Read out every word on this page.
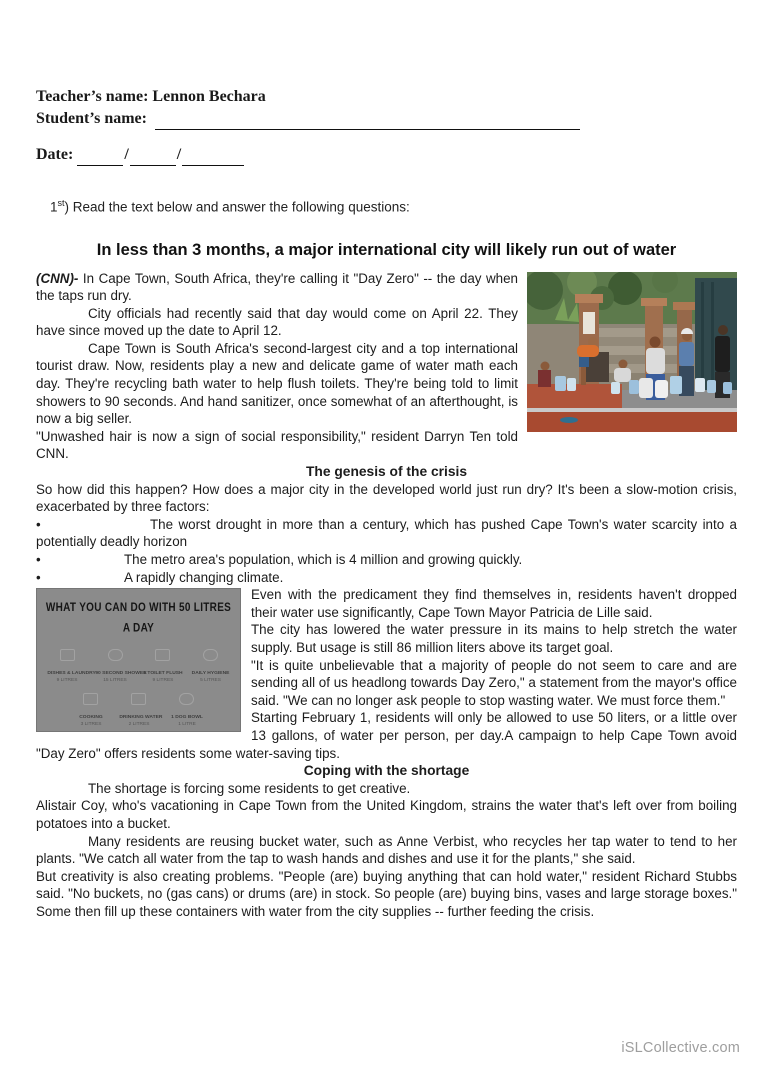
Teacher’s name:
Lennon Bechara
Student’s name:
Date:
	/	/
1st) Read the text below and answer the following questions:
In less than 3 months, a major international city will likely run out of water

(CNN)- In Cape Town, South Africa, they're calling it "Day Zero" -- the day when the taps run dry.

City officials had recently said that day would come on April 22. They have since moved up the date to April 12.

Cape Town is South Africa's second-largest city and a top international tourist draw. Now, residents play a new and delicate game of water math each day. They're recycling bath water to help flush toilets. They're being told to limit showers to 90 seconds. And hand sanitizer, once somewhat of an afterthought, is now a big seller.

"Unwashed hair is now a sign of social responsibility," resident Darryn Ten told CNN.

The genesis of the crisis

So how did this happen? How does a major city in the developed world just run dry? It's been a slow-motion crisis, exacerbated by three factors:

•	The worst drought in more than a century, which has pushed Cape Town's water scarcity into a potentially deadly horizon

•	The metro area's population, which is 4 million and growing quickly.

•	A rapidly changing climate.

WHAT YOU CAN DO WITH 50 LITRES A DAY
DISHES & LAUNDRY
9 LITRES
90 SECOND SHOWER
15 LITRES
1 TOILET FLUSH
9 LITRES
DAILY HYGIENE
5 LITRES
COOKING
3 LITRES
DRINKING WATER
2 LITRES
1 DOG BOWL
1 LITRE

Even with the predicament they find themselves in, residents haven't dropped their water use significantly, Cape Town Mayor Patricia de Lille said.

The city has lowered the water pressure in its mains to help stretch the water supply. But usage is still 86 million liters above its target goal.

"It is quite unbelievable that a majority of people do not seem to care and are sending all of us headlong towards Day Zero," a statement from the mayor's office said. "We can no longer ask people to stop wasting water. We must force them."

Starting February 1, residents will only be allowed to use 50 liters, or a little over 13 gallons, of water per person, per day.A campaign to help Cape Town avoid "Day Zero" offers residents some water-saving tips.

Coping with the shortage

The shortage is forcing some residents to get creative.

Alistair Coy, who's vacationing in Cape Town from the United Kingdom, strains the water that's left over from boiling potatoes into a bucket.

Many residents are reusing bucket water, such as Anne Verbist, who recycles her tap water to tend to her plants. "We catch all water from the tap to wash hands and dishes and use it for the plants," she said.

But creativity is also creating problems. "People (are) buying anything that can hold water," resident Richard Stubbs said. "No buckets, no (gas cans) or drums (are) in stock. So people (are) buying bins, vases and large storage boxes." Some then fill up these containers with water from the city supplies -- further feeding the crisis.

iSLCollective.com
